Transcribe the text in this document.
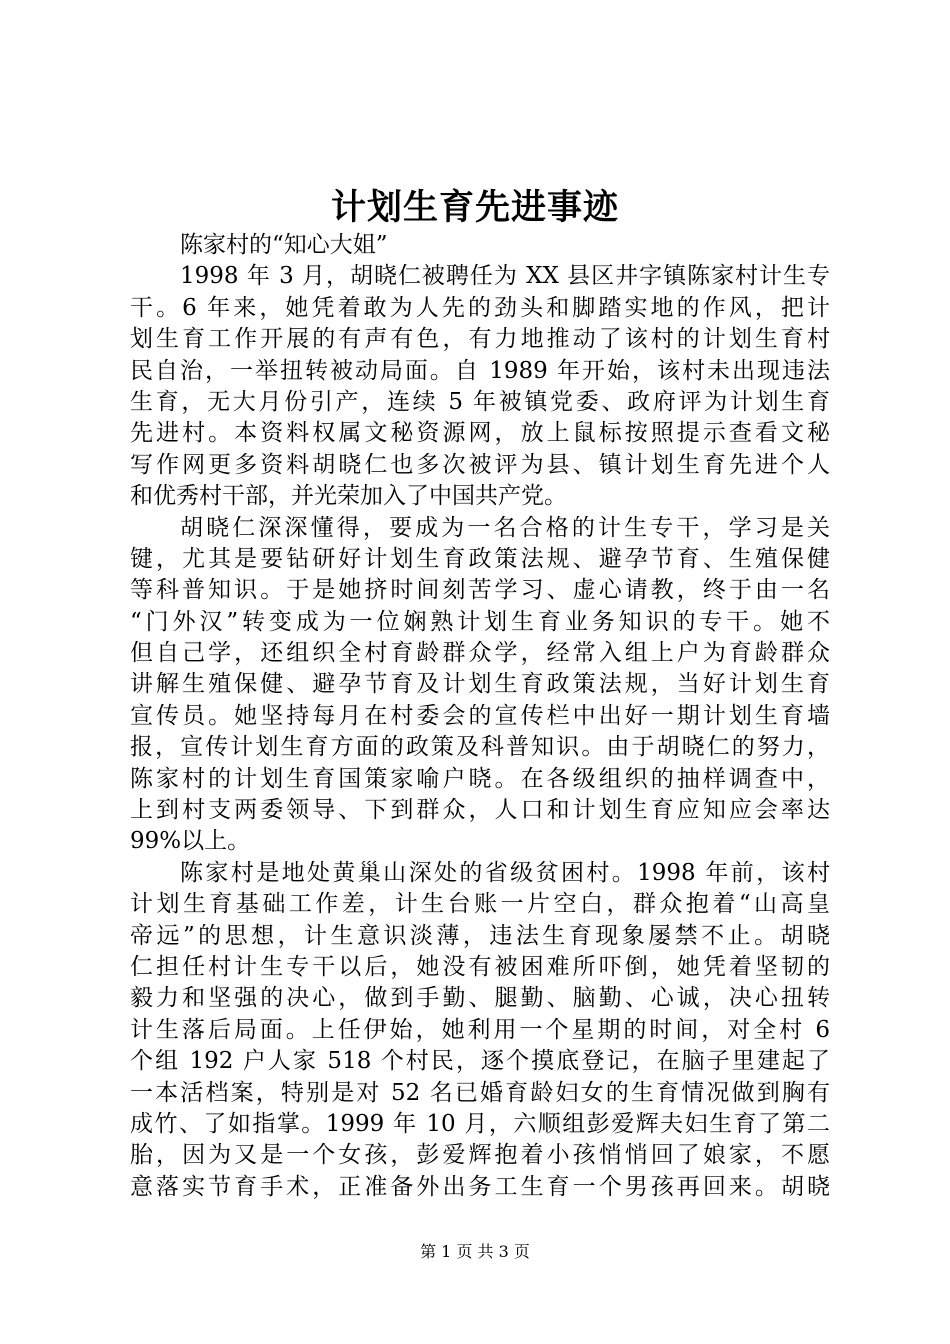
计划生育先进事迹
陈家村的“知心大姐”
1998 年 3 月，胡晓仁被聘任为 XX 县区井字镇陈家村计生专
干。6 年来，她凭着敢为人先的劲头和脚踏实地的作风，把计
划生育工作开展的有声有色，有力地推动了该村的计划生育村
民自治，一举扭转被动局面。自 1989 年开始，该村未出现违法
生育，无大月份引产，连续 5 年被镇党委、政府评为计划生育
先进村。本资料权属文秘资源网，放上鼠标按照提示查看文秘
写作网更多资料胡晓仁也多次被评为县、镇计划生育先进个人
和优秀村干部，并光荣加入了中国共产党。
胡晓仁深深懂得，要成为一名合格的计生专干，学习是关
键，尤其是要钻研好计划生育政策法规、避孕节育、生殖保健
等科普知识。于是她挤时间刻苦学习、虚心请教，终于由一名
“门外汉”转变成为一位娴熟计划生育业务知识的专干。她不
但自己学，还组织全村育龄群众学，经常入组上户为育龄群众
讲解生殖保健、避孕节育及计划生育政策法规，当好计划生育
宣传员。她坚持每月在村委会的宣传栏中出好一期计划生育墙
报，宣传计划生育方面的政策及科普知识。由于胡晓仁的努力，
陈家村的计划生育国策家喻户晓。在各级组织的抽样调查中，
上到村支两委领导、下到群众，人口和计划生育应知应会率达
99%以上。
陈家村是地处黄巢山深处的省级贫困村。1998 年前，该村
计划生育基础工作差，计生台账一片空白，群众抱着“山高皇
帝远”的思想，计生意识淡薄，违法生育现象屡禁不止。胡晓
仁担任村计生专干以后，她没有被困难所吓倒，她凭着坚韧的
毅力和坚强的决心，做到手勤、腿勤、脑勤、心诚，决心扭转
计生落后局面。上任伊始，她利用一个星期的时间，对全村 6
个组 192 户人家 518 个村民，逐个摸底登记，在脑子里建起了
一本活档案，特别是对 52 名已婚育龄妇女的生育情况做到胸有
成竹、了如指掌。1999 年 10 月，六顺组彭爱辉夫妇生育了第二
胎，因为又是一个女孩，彭爱辉抱着小孩悄悄回了娘家，不愿
意落实节育手术，正准备外出务工生育一个男孩再回来。胡晓
第 1 页 共 3 页
